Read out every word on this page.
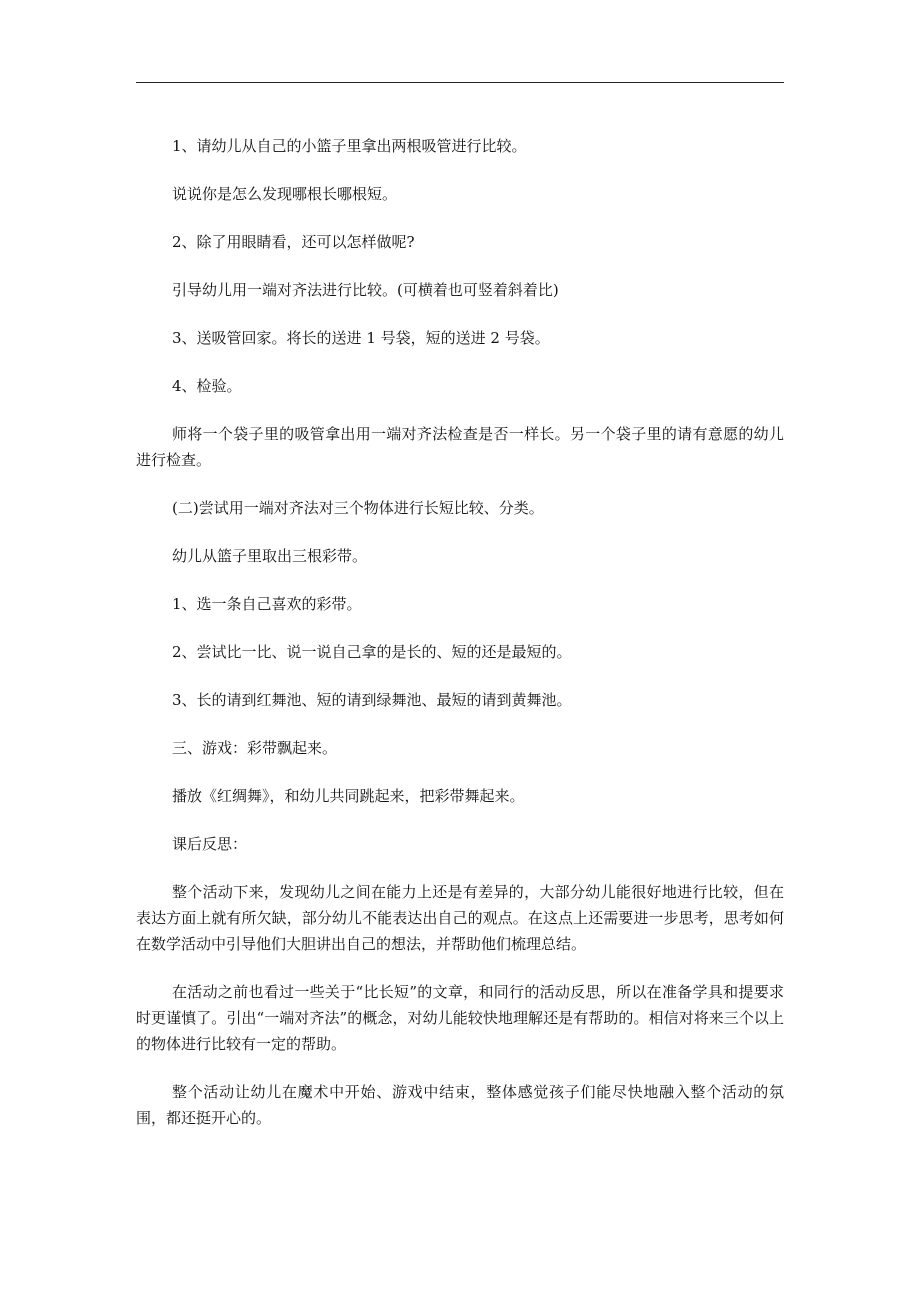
1、请幼儿从自己的小篮子里拿出两根吸管进行比较。

说说你是怎么发现哪根长哪根短。

2、除了用眼睛看，还可以怎样做呢?

引导幼儿用一端对齐法进行比较。(可横着也可竖着斜着比)

3、送吸管回家。将长的送进 1 号袋，短的送进 2 号袋。

4、检验。

师将一个袋子里的吸管拿出用一端对齐法检查是否一样长。另一个袋子里的请有意愿的幼儿进行检查。

(二)尝试用一端对齐法对三个物体进行长短比较、分类。

幼儿从篮子里取出三根彩带。

1、选一条自己喜欢的彩带。

2、尝试比一比、说一说自己拿的是长的、短的还是最短的。

3、长的请到红舞池、短的请到绿舞池、最短的请到黄舞池。

三、游戏：彩带飘起来。

播放《红绸舞》，和幼儿共同跳起来，把彩带舞起来。

课后反思：

整个活动下来，发现幼儿之间在能力上还是有差异的，大部分幼儿能很好地进行比较，但在表达方面上就有所欠缺，部分幼儿不能表达出自己的观点。在这点上还需要进一步思考，思考如何在数学活动中引导他们大胆讲出自己的想法，并帮助他们梳理总结。

在活动之前也看过一些关于“比长短”的文章，和同行的活动反思，所以在准备学具和提要求时更谨慎了。引出“一端对齐法”的概念，对幼儿能较快地理解还是有帮助的。相信对将来三个以上的物体进行比较有一定的帮助。

整个活动让幼儿在魔术中开始、游戏中结束，整体感觉孩子们能尽快地融入整个活动的氛围，都还挺开心的。
